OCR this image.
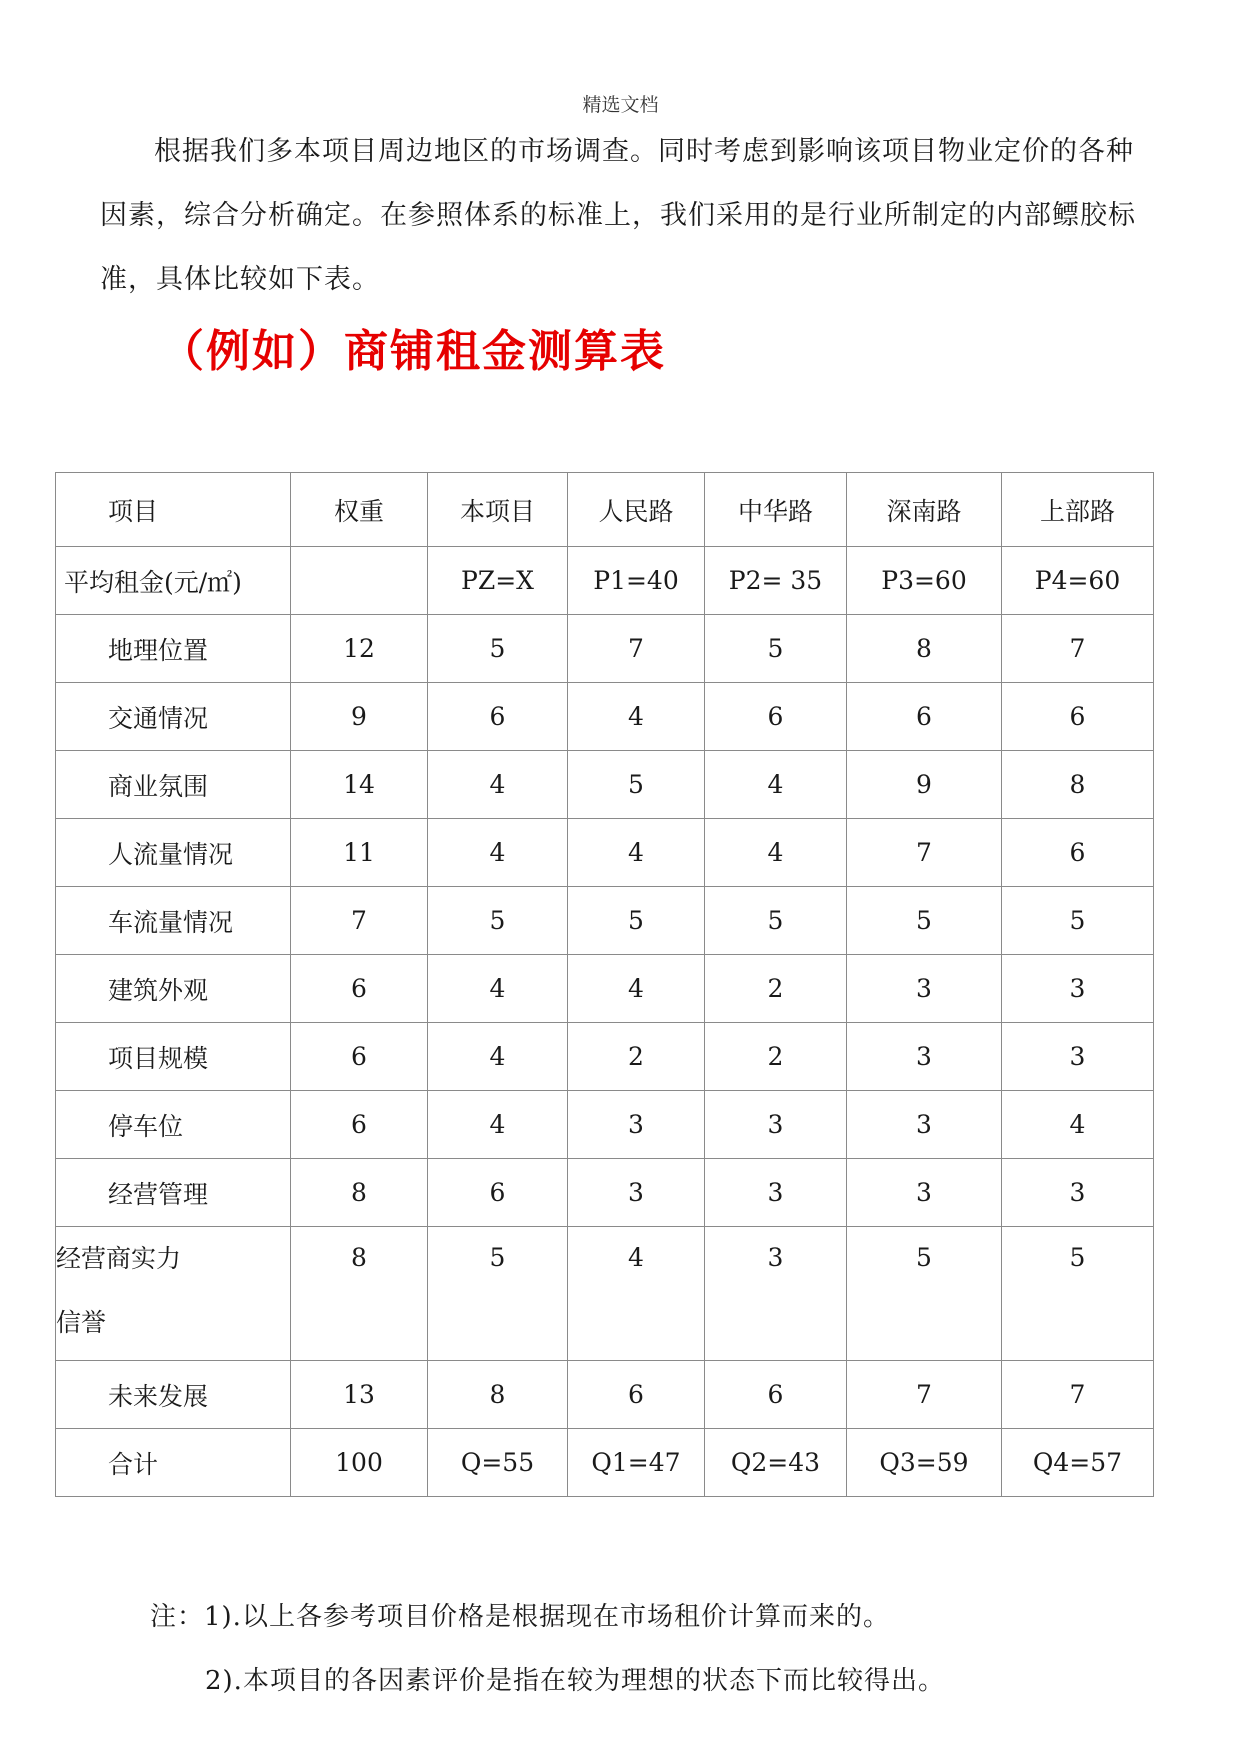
精选文档
根据我们多本项目周边地区的市场调查。同时考虑到影响该项目物业定价的各种因素，综合分析确定。在参照体系的标准上，我们采用的是行业所制定的内部鳔胶标准，具体比较如下表。
（例如）商铺租金测算表
项目	权重	本项目	人民路	中华路	深南路	上部路
平均租金(元/㎡)		PZ=X	P1=40	P2= 35	P3=60	P4=60
地理位置	12	5	7	5	8	7
交通情况	9	6	4	6	6	6
商业氛围	14	4	5	4	9	8
人流量情况	11	4	4	4	7	6
车流量情况	7	5	5	5	5	5
建筑外观	6	4	4	2	3	3
项目规模	6	4	2	2	3	3
停车位	6	4	3	3	3	4
经营管理	8	6	3	3	3	3

经营商实力
信誉	8	5	4	3	5	5
未来发展	13	8	6	6	7	7
合计	100	Q=55	Q1=47	Q2=43	Q3=59	Q4=57
注：1).以上各参考项目价格是根据现在市场租价计算而来的。
2).本项目的各因素评价是指在较为理想的状态下而比较得出。
